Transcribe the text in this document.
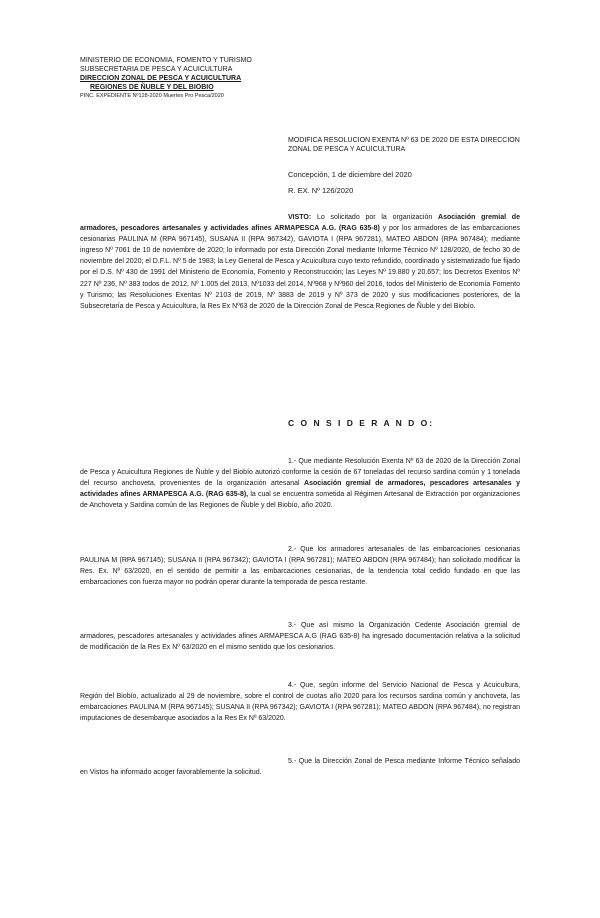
MINISTERIO DE ECONOMIA, FOMENTO Y TURISMO
SUBSECRETARIA DE PESCA Y ACUICULTURA
DIRECCION ZONAL DE PESCA Y ACUICULTURA
REGIONES DE ÑUBLE Y DEL BIOBIO
PINC. EXPEDIENTE Nº128-2020 Muertes Pro Pesca/2020
MODIFICA RESOLUCION EXENTA Nº 63 DE 2020 DE ESTA DIRECCION ZONAL DE PESCA Y ACUICULTURA
Concepción, 1 de diciembre del 2020
R. EX. Nº 126/2020
VISTO: Lo solicitado por la organización Asociación gremial de armadores, pescadores artesanales y actividades afines ARMAPESCA A.G. (RAG 635-8) y por los armadores de las embarcaciones cesionarias PAULINA M (RPA 967145), SUSANA II (RPA 967342), GAVIOTA I (RPA 967281), MATEO ABDON (RPA 967484); mediante ingreso Nº 7061 de 10 de noviembre de 2020; lo informado por esta Dirección Zonal mediante Informe Técnico Nº 128/2020, de fecho 30 de noviembre del 2020; el D.F.L. Nº 5 de 1983; la Ley General de Pesca y Acuicultura cuyo texto refundido, coordinado y sistematizado fue fijado por el D.S. Nº 430 de 1991 del Ministerio de Economía, Fomento y Reconstrucción; las Leyes Nº 19.880 y 20.657; los Decretos Exentos Nº 227 Nº 236, Nº 383 todos de 2012, Nº 1.005 del 2013, Nº1033 del 2014, Nº968 y Nº960 del 2016, todos del Ministerio de Economía Fomento y Turismo; las Resoluciones Exentas Nº 2103 de 2019, Nº 3883 de 2019 y Nº 373 de 2020 y sus modificaciones posteriores, de la Subsecretaría de Pesca y Acuicultura, la Res Ex Nº63 de 2020 de la Dirección Zonal de Pesca Regiones de Ñuble y del Biobío.
C O N S I D E R A N D O:
1.- Que mediante Resolución Exenta Nº 63 de 2020 de la Dirección Zonal de Pesca y Acuicultura Regiones de Ñuble y del Biobío autorizó conforme la cesión de 67 toneladas del recurso sardina común y 1 tonelada del recurso anchoveta, provenientes de la organización artesanal Asociación gremial de armadores, pescadores artesanales y actividades afines ARMAPESCA A.G. (RAG 635-8), la cual se encuentra sometida al Régimen Artesanal de Extracción por organizaciones de Anchoveta y Sardina común de las Regiones de Ñuble y del Biobío, año 2020.
2.- Que los armadores artesanales de las embarcaciones cesionarias PAULINA M (RPA 967145); SUSANA II (RPA 967342); GAVIOTA I (RPA 967281); MATEO ABDON (RPA 967484); han solicitado modificar la Res. Ex. Nº 63/2020, en el sentido de permitir a las embarcaciones cesionarias, de la tendencia total cedido fundado en que las embarcaciones con fuerza mayor no podrán operar durante la temporada de pesca restante.
3.- Que así mismo la Organización Cedente Asociación gremial de armadores, pescadores artesanales y actividades afines ARMAPESCA A.G (RAG 635-8) ha ingresado documentación relativa a la solicitud de modificación de la Res Ex Nº 63/2020 en el mismo sentido que los cesionarios.
4.- Que, según informe del Servicio Nacional de Pesca y Acuicultura, Región del Biobío, actualizado al 29 de noviembre, sobre el control de cuotas año 2020 para los recursos sardina común y anchoveta, las embarcaciones PAULINA M (RPA 967145); SUSANA II (RPA 967342); GAVIOTA I (RPA 967281); MATEO ABDON (RPA 967484), no registran imputaciones de desembarque asociados a la Res Ex Nº 63/2020.
5.- Que la Dirección Zonal de Pesca mediante Informe Técnico señalado en Vistos ha informado acoger favorablemente la solicitud.
